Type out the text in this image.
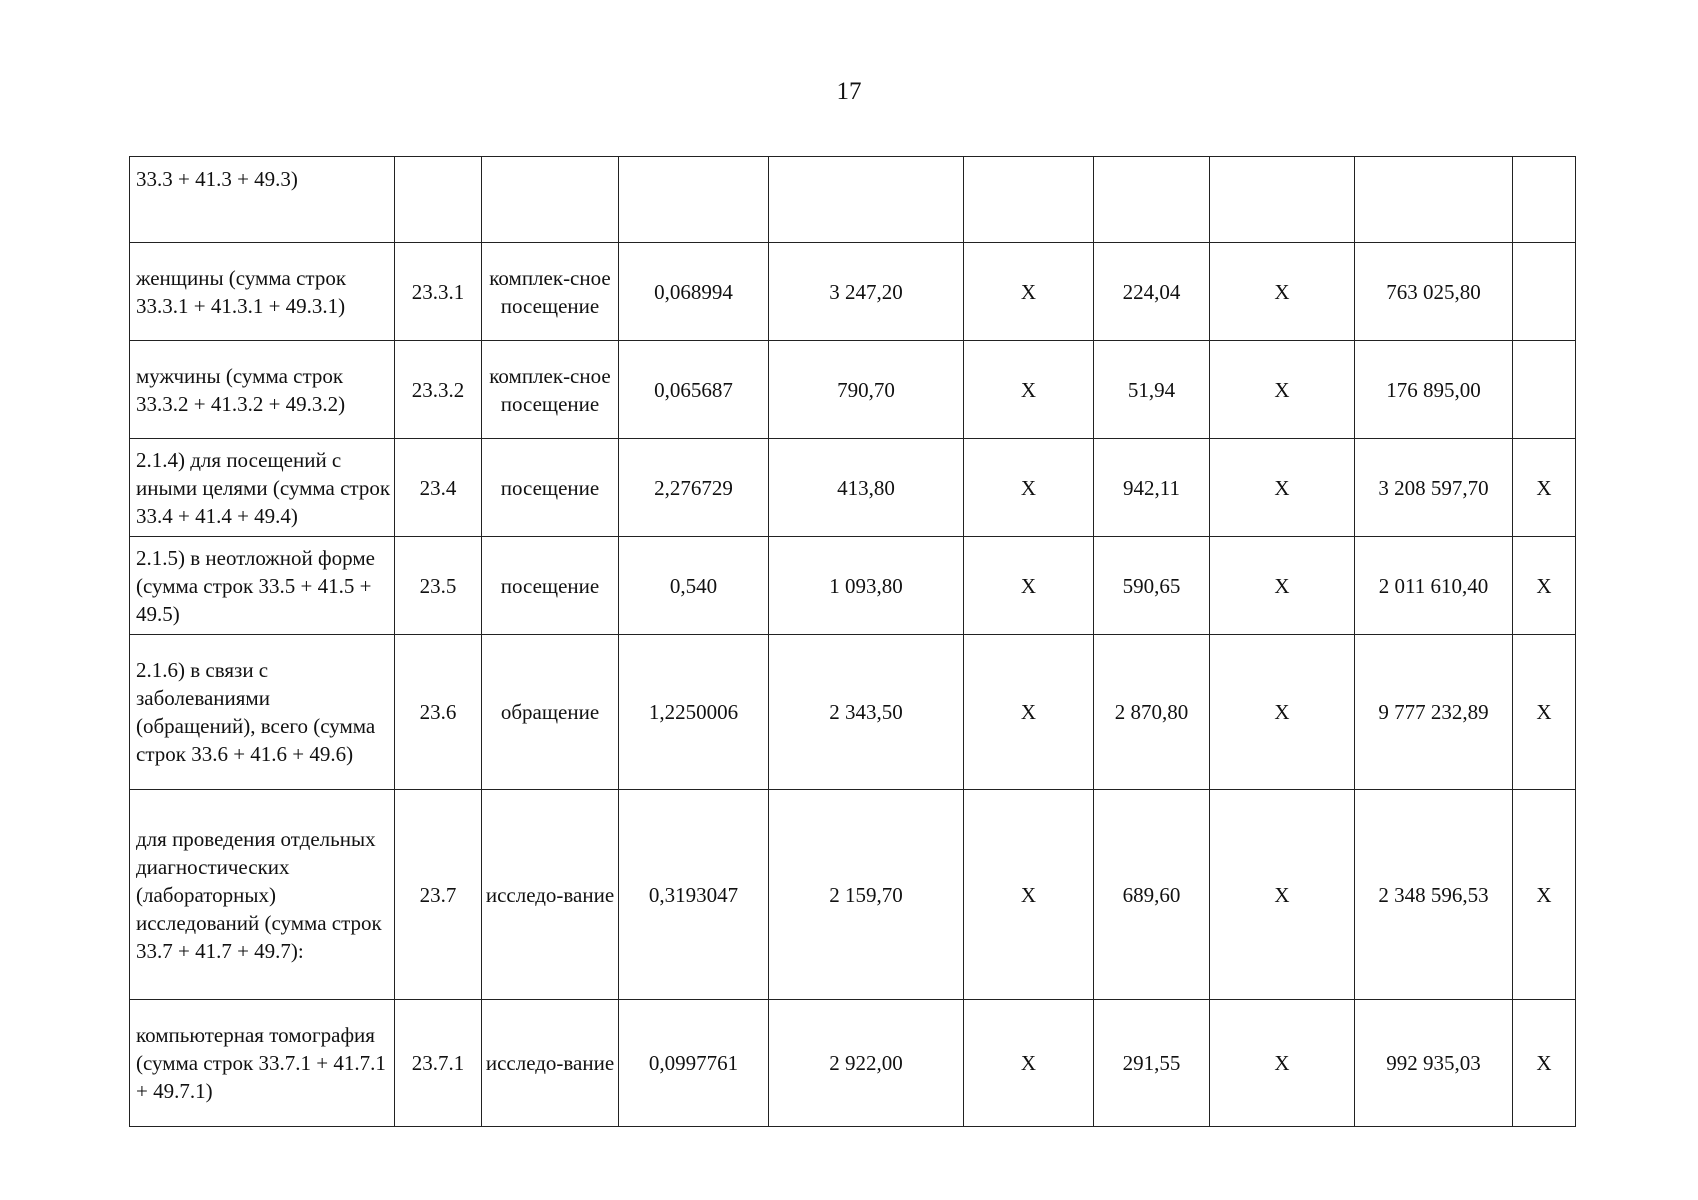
17
33.3 + 41.3 + 49.3)									
женщины (сумма строк 33.3.1 + 41.3.1 + 49.3.1)	23.3.1	комплек-сное посещение	0,068994	3 247,20	X	224,04	X	763 025,80	
мужчины (сумма строк 33.3.2 + 41.3.2 + 49.3.2)	23.3.2	комплек-сное посещение	0,065687	790,70	X	51,94	X	176 895,00	
2.1.4) для посещений с иными целями (сумма строк 33.4 + 41.4 + 49.4)	23.4	посещение	2,276729	413,80	X	942,11	X	3 208 597,70	X
2.1.5) в неотложной форме (сумма строк 33.5 + 41.5 + 49.5)	23.5	посещение	0,540	1 093,80	X	590,65	X	2 011 610,40	X
2.1.6) в связи с заболеваниями (обращений), всего (сумма строк 33.6 + 41.6 + 49.6)	23.6	обращение	1,2250006	2 343,50	X	2 870,80	X	9 777 232,89	X
для проведения отдельных диагностических (лабораторных) исследований (сумма строк 33.7 + 41.7 + 49.7):	23.7	исследо-вание	0,3193047	2 159,70	X	689,60	X	2 348 596,53	X
компьютерная томография (сумма строк 33.7.1 + 41.7.1 + 49.7.1)	23.7.1	исследо-вание	0,0997761	2 922,00	X	291,55	X	992 935,03	X
